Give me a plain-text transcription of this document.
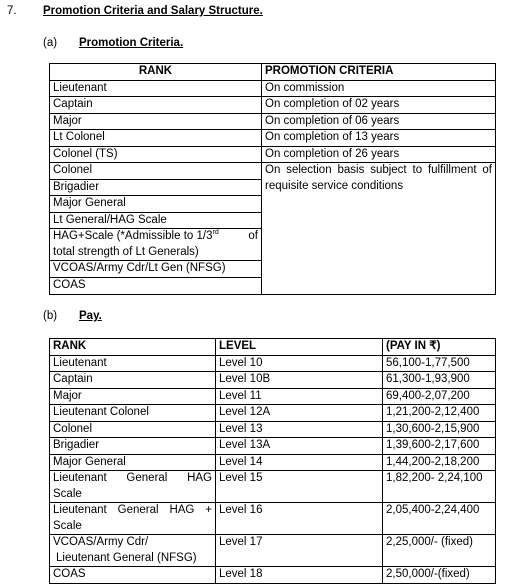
7. Promotion Criteria and Salary Structure.
(a) Promotion Criteria.
RANK	PROMOTION CRITERIA
Lieutenant	On commission
Captain	On completion of 02 years
Major	On completion of 06 years
Lt Colonel	On completion of 13 years
Colonel (TS)	On completion of 26 years
Colonel	On selection basis subject to fulfillment of
requisite service conditions

Brigadier	
Major General	
Lt General/HAG Scale	

HAG+Scale (*Admissible to 1/3rd of
total strength of Lt Generals)	

VCOAS/Army Cdr/Lt Gen (NFSG)	
COAS	
(b) Pay.
RANK	LEVEL	(PAY IN ₹)
Lieutenant	Level 10	56,100-1,77,500
Captain	Level 10B	61,300-1,93,900
Major	Level 11	69,400-2,07,200
Lieutenant Colonel	Level 12A	1,21,200-2,12,400
Colonel	Level 13	1,30,600-2,15,900
Brigadier	Level 13A	1,39,600-2,17,600
Major General	Level 14	1,44,200-2,18,200

Lieutenant General HAG
Scale	Level 15	1,82,200- 2,24,100

Lieutenant General HAG +
Scale	Level 16	2,05,400-2,24,400

VCOAS/Army Cdr/
Lieutenant General (NFSG)	Level 17	2,25,000/- (fixed)
COAS	Level 18	2,50,000/-(fixed)
